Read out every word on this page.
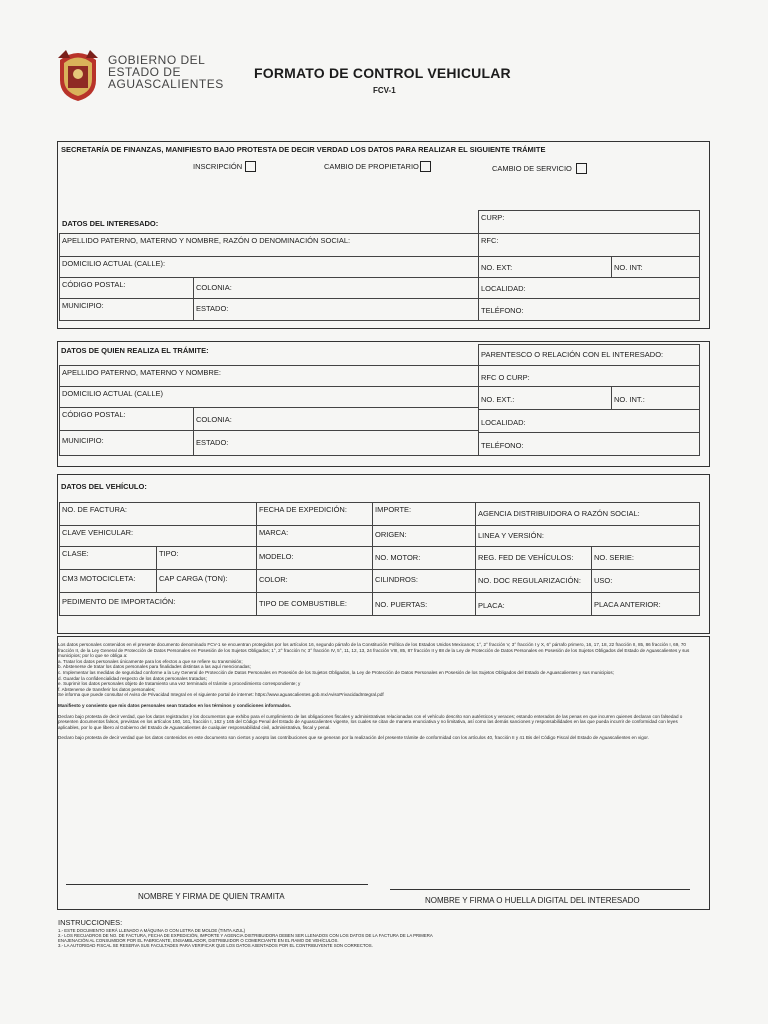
GOBIERNO DEL
ESTADO DE
AGUASCALIENTES
FORMATO DE CONTROL VEHICULAR
FCV-1
SECRETARÍA DE FINANZAS, MANIFIESTO BAJO PROTESTA DE DECIR VERDAD LOS DATOS PARA REALIZAR EL SIGUIENTE TRÁMITE
INSCRIPCIÓN	CAMBIO DE PROPIETARIO	CAMBIO DE SERVICIO
DATOS DEL INTERESADO:
CURP:
APELLIDO PATERNO, MATERNO Y NOMBRE, RAZÓN O DENOMINACIÓN SOCIAL:	RFC:
DOMICILIO ACTUAL (CALLE):	NO. EXT:	NO. INT:
CÓDIGO POSTAL:	COLONIA:	LOCALIDAD:
MUNICIPIO:	ESTADO:	TELÉFONO:
DATOS DE QUIEN REALIZA EL TRÁMITE:	PARENTESCO O RELACIÓN CON EL INTERESADO:
APELLIDO PATERNO, MATERNO Y NOMBRE:
RFC O CURP:
DOMICILIO ACTUAL (CALLE)
NO. EXT.:	NO. INT.:
CÓDIGO POSTAL:
COLONIA:	LOCALIDAD:
MUNICIPIO:	ESTADO:	TELÉFONO:
DATOS DEL VEHÍCULO:
NO. DE FACTURA:	FECHA DE EXPEDICIÓN:	IMPORTE:	AGENCIA DISTRIBUIDORA O RAZÓN SOCIAL:
CLAVE VEHICULAR:	MARCA:	ORIGEN:	LINEA Y VERSIÓN:
CLASE:	TIPO:	MODELO:	NO. MOTOR:	REG. FED DE VEHÍCULOS:	NO. SERIE:
CM3 MOTOCICLETA:	CAP CARGA (TON):	COLOR:	CILINDROS:	NO. DOC REGULARIZACIÓN: USO:
PEDIMENTO DE IMPORTACIÓN:	TIPO DE COMBUSTIBLE:	NO. PUERTAS:	PLACA:	PLACA ANTERIOR:

Los datos personales contenidos en el presente documento denominado FCV-1 se encuentran protegidos por los artículos 16, segundo párrafo de la Constitución Política de los Estados Unidos Mexicanos; 1°, 2° fracción V, 3° fracción I y X, 6° párrafo primero, 16, 17, 18, 22 fracción II, 85, 86 fracción I, 69, 70 fracción II, de la Ley General de Protección de Datos Personales en Posesión de los Sujetos Obligados; 1°, 2° fracción IV, 3° fracción IV, 5°, 11, 12, 13, 24 fracción VIII, 85, 87 fracción II y 88 de la Ley de Protección de Datos Personales en Posesión de los Sujetos Obligados del Estado de Aguascalientes y sus municipios; por lo que se obliga a:

a. Tratar los datos personales únicamente para los efectos a que se refiere su transmisión;

b. Abstenerse de tratar los datos personales para finalidades distintas a las aquí mencionadas;

c. Implementar las medidas de seguridad conforme a la Ley General de Protección de Datos Personales en Posesión de los Sujetos Obligados, la Ley de Protección de Datos Personales en Posesión de los Sujetos Obligados del Estado de Aguascalientes y sus municipios;

d. Guardar la confidencialidad respecto de los datos personales tratados;

e. Suprimir los datos personales objeto de tratamiento una vez terminado el trámite o procedimiento correspondiente; y

f. Abstenerse de transferir los datos personales;

Se informa que puede consultar el Aviso de Privacidad Integral en el siguiente portal de internet: https://www.aguascalientes.gob.mx/AvisoPrivacidadIntegral.pdf

Manifiesto y consiento que mis datos personales sean tratados en los términos y condiciones informados.

Declaro bajo protesta de decir verdad, que los datos registrados y los documentos que exhibo para el cumplimiento de las obligaciones fiscales y administrativas relacionadas con el vehículo descrito son auténticos y veraces; estando enterados de las penas en que incurren quienes declaran con falsedad o presenten documentos falsos, previstas en los artículos 160, 161, fracción I, 162 y 165 del Código Penal del Estado de Aguascalientes vigente, los cuales se citan de manera enunciativa y no limitativa, así como las demás sanciones y responsabilidades en las que pueda incurrir de conformidad con leyes aplicables, por lo que libero al Gobierno del Estado de Aguascalientes de cualquier responsabilidad civil, administrativa, fiscal y penal.

Declaro bajo protesta de decir verdad que los datos contenidos en este documento son ciertos y acepto las contribuciones que se generan por la realización del presente trámite de conformidad con los artículos 40, fracción II y 41 Bis del Código Fiscal del Estado de Aguascalientes en vigor.

NOMBRE Y FIRMA DE QUIEN TRAMITA	NOMBRE Y FIRMA O HUELLA DIGITAL DEL INTERESADO
INSTRUCCIONES:
1.- ESTE DOCUMENTO SERÁ LLENADO A MÁQUINA O CON LETRA DE MOLDE (TINTA AZUL)
2.- LOS RECUADROS DE NO. DE FACTURA, FECHA DE EXPEDICIÓN, IMPORTE Y AGENCIA DISTRIBUIDORA DEBEN SER LLENADOS CON LOS DATOS DE LA FACTURA DE LA PRIMERA
ENAJENACIÓN AL CONSUMIDOR POR EL FABRICANTE, ENSAMBLADOR, DISTRIBUIDOR O COMERCIANTE EN EL RAMO DE VEHÍCULOS.
3.- LA AUTORIDAD FISCAL SE RESERVA SUS FACULTADES PARA VERIFICAR QUE LOS DATOS ASENTADOS POR EL CONTRIBUYENTE SON CORRECTOS.
